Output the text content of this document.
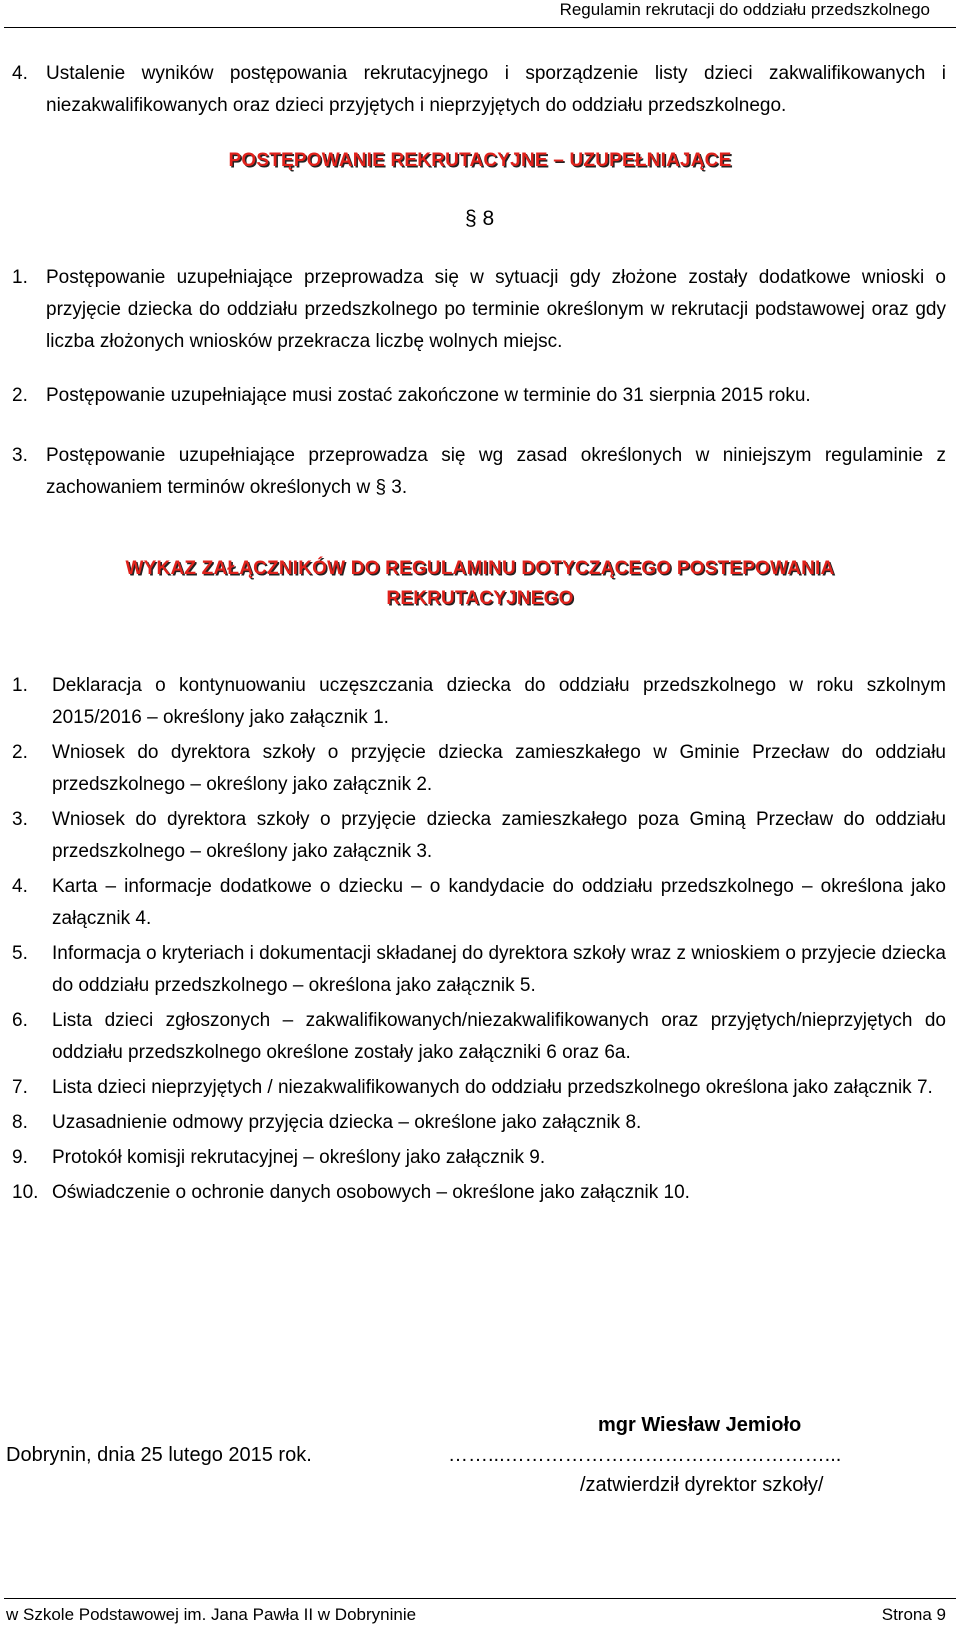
Regulamin rekrutacji do oddziału przedszkolnego
4. Ustalenie wyników postępowania rekrutacyjnego i sporządzenie listy dzieci zakwalifikowanych i niezakwalifikowanych oraz dzieci przyjętych i nieprzyjętych do oddziału przedszkolnego.
POSTĘPOWANIE REKRUTACYJNE – UZUPEŁNIAJĄCE
§ 8
1. Postępowanie uzupełniające przeprowadza się w sytuacji gdy złożone zostały dodatkowe wnioski o przyjęcie dziecka do oddziału przedszkolnego po terminie określonym w rekrutacji podstawowej oraz gdy liczba złożonych wniosków przekracza liczbę wolnych miejsc.
2. Postępowanie uzupełniające musi zostać zakończone w terminie do 31 sierpnia 2015 roku.
3. Postępowanie uzupełniające przeprowadza się wg zasad określonych w niniejszym regulaminie z zachowaniem terminów określonych w § 3.
WYKAZ ZAŁĄCZNIKÓW DO REGULAMINU DOTYCZĄCEGO POSTEPOWANIA
REKRUTACYJNEGO
1. Deklaracja o kontynuowaniu uczęszczania dziecka do oddziału przedszkolnego w roku szkolnym 2015/2016 – określony jako załącznik 1.
2. Wniosek do dyrektora szkoły o przyjęcie dziecka zamieszkałego w Gminie Przecław do oddziału przedszkolnego – określony jako załącznik 2.
3. Wniosek do dyrektora szkoły o przyjęcie dziecka zamieszkałego poza Gminą Przecław do oddziału przedszkolnego – określony jako załącznik 3.
4. Karta – informacje dodatkowe o dziecku – o kandydacie do oddziału przedszkolnego – określona jako załącznik 4.
5. Informacja o kryteriach i dokumentacji składanej do dyrektora szkoły wraz z wnioskiem o przyjecie dziecka do oddziału przedszkolnego – określona jako załącznik 5.
6. Lista dzieci zgłoszonych – zakwalifikowanych/niezakwalifikowanych oraz przyjętych/nieprzyjętych do oddziału przedszkolnego określone zostały jako załączniki 6 oraz 6a.
7. Lista dzieci nieprzyjętych / niezakwalifikowanych do oddziału przedszkolnego określona jako załącznik 7.
8. Uzasadnienie odmowy przyjęcia dziecka – określone jako załącznik 8.
9. Protokół komisji rekrutacyjnej – określony jako załącznik 9.
10. Oświadczenie o ochronie danych osobowych – określone jako załącznik 10.
mgr Wiesław Jemioło
Dobrynin, dnia 25 lutego 2015 rok.	……...…………………………………………...
/zatwierdził dyrektor szkoły/
w Szkole Podstawowej im. Jana Pawła II w Dobryninie	Strona 9
